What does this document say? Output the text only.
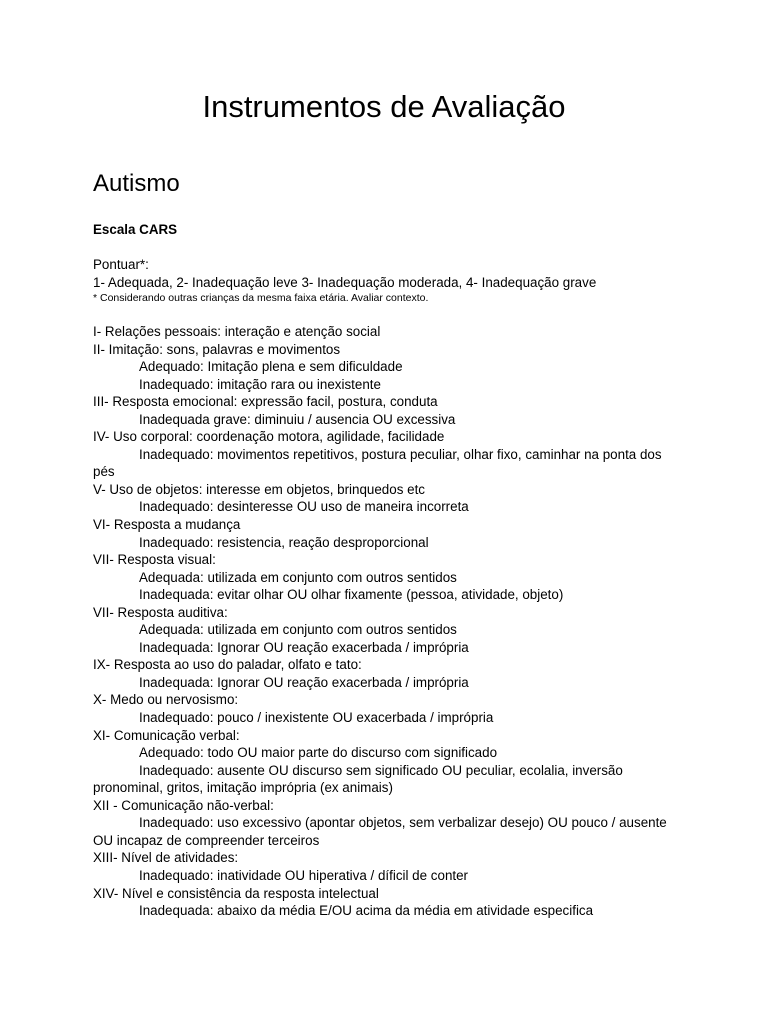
Instrumentos de Avaliação
Autismo
Escala CARS
Pontuar*:
1- Adequada, 2- Inadequação leve 3- Inadequação moderada, 4- Inadequação grave
* Considerando outras crianças da mesma faixa etária. Avaliar contexto.
I- Relações pessoais: interação e atenção social
II- Imitação: sons, palavras e movimentos
Adequado: Imitação plena e sem dificuldade
Inadequado: imitação rara ou inexistente
III- Resposta emocional: expressão facil, postura, conduta
Inadequada grave: diminuiu / ausencia OU excessiva
IV- Uso corporal: coordenação motora, agilidade, facilidade
Inadequado: movimentos repetitivos, postura peculiar, olhar fixo, caminhar na ponta dos pés
V- Uso de objetos: interesse em objetos, brinquedos etc
Inadequado: desinteresse OU uso de maneira incorreta
VI- Resposta a mudança
Inadequado: resistencia, reação desproporcional
VII- Resposta visual:
Adequada: utilizada em conjunto com outros sentidos
Inadequada: evitar olhar OU olhar fixamente (pessoa, atividade, objeto)
VII- Resposta auditiva:
Adequada: utilizada em conjunto com outros sentidos
Inadequada: Ignorar OU reação exacerbada / imprópria
IX- Resposta ao uso do paladar, olfato e tato:
Inadequada: Ignorar OU reação exacerbada / imprópria
X- Medo ou nervosismo:
Inadequado: pouco / inexistente OU exacerbada / imprópria
XI- Comunicação verbal:
Adequado: todo OU maior parte do discurso com significado
Inadequado: ausente OU discurso sem significado OU peculiar, ecolalia, inversão pronominal, gritos, imitação imprópria (ex animais)
XII - Comunicação não-verbal:
Inadequado: uso excessivo (apontar objetos, sem verbalizar desejo) OU pouco / ausente OU incapaz de compreender terceiros
XIII- Nível de atividades:
Inadequado: inatividade OU hiperativa / díficil de conter
XIV- Nível e consistência da resposta intelectual
Inadequada: abaixo da média E/OU acima da média em atividade especifica
